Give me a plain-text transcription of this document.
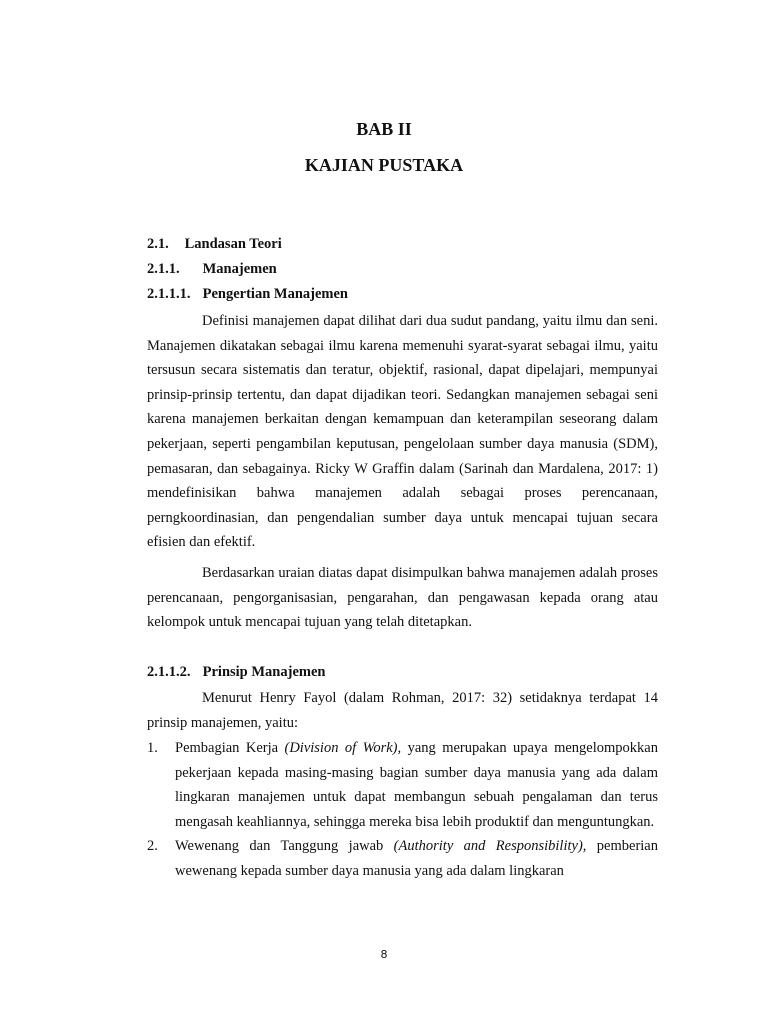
BAB II
KAJIAN PUSTAKA
2.1. Landasan Teori
2.1.1. Manajemen
2.1.1.1. Pengertian Manajemen

Definisi manajemen dapat dilihat dari dua sudut pandang, yaitu ilmu dan seni. Manajemen dikatakan sebagai ilmu karena memenuhi syarat-syarat sebagai ilmu, yaitu tersusun secara sistematis dan teratur, objektif, rasional, dapat dipelajari, mempunyai prinsip-prinsip tertentu, dan dapat dijadikan teori. Sedangkan manajemen sebagai seni karena manajemen berkaitan dengan kemampuan dan keterampilan seseorang dalam pekerjaan, seperti pengambilan keputusan, pengelolaan sumber daya manusia (SDM), pemasaran, dan sebagainya. Ricky W Graffin dalam (Sarinah dan Mardalena, 2017: 1) mendefinisikan bahwa manajemen adalah sebagai proses perencanaan, perngkoordinasian, dan pengendalian sumber daya untuk mencapai tujuan secara efisien dan efektif.

Berdasarkan uraian diatas dapat disimpulkan bahwa manajemen adalah proses perencanaan, pengorganisasian, pengarahan, dan pengawasan kepada orang atau kelompok untuk mencapai tujuan yang telah ditetapkan.

2.1.1.2. Prinsip Manajemen

Menurut Henry Fayol (dalam Rohman, 2017: 32) setidaknya terdapat 14 prinsip manajemen, yaitu:

1. Pembagian Kerja (Division of Work), yang merupakan upaya mengelompokkan pekerjaan kepada masing-masing bagian sumber daya manusia yang ada dalam lingkaran manajemen untuk dapat membangun sebuah pengalaman dan terus mengasah keahliannya, sehingga mereka bisa lebih produktif dan menguntungkan.
2. Wewenang dan Tanggung jawab (Authority and Responsibility), pemberian wewenang kepada sumber daya manusia yang ada dalam lingkaran

8
